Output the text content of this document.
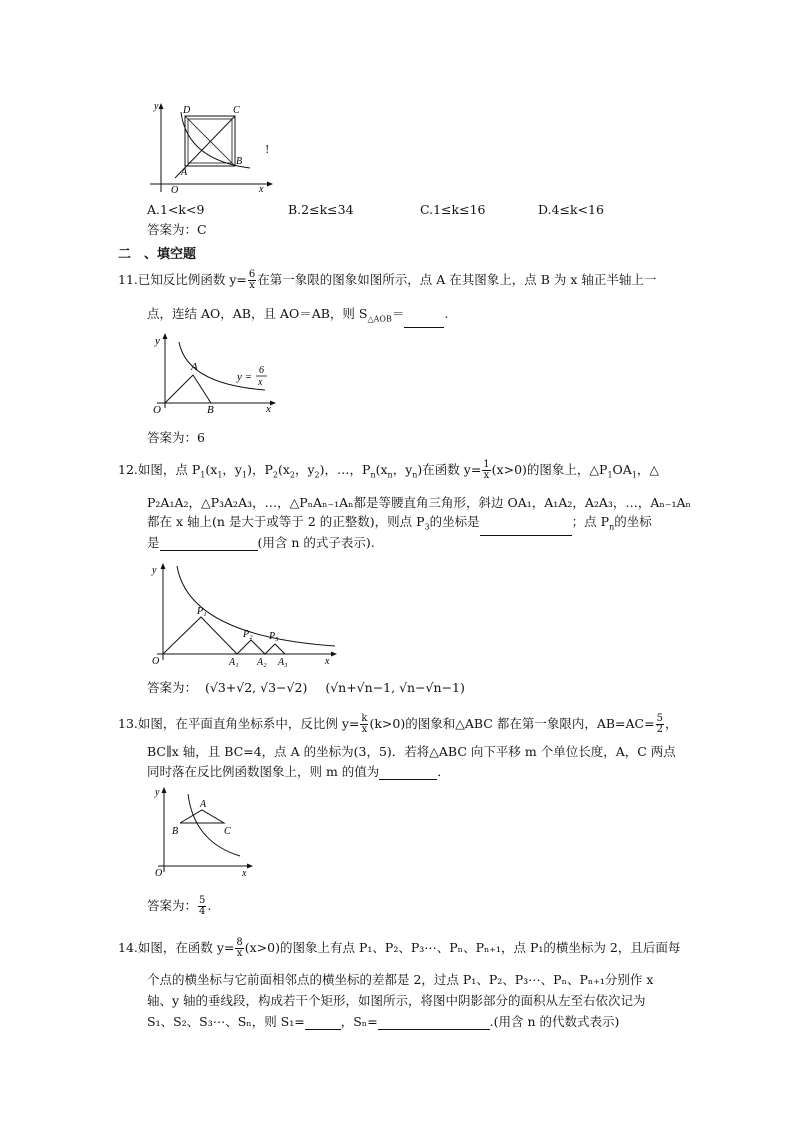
y D	C
A
B
O	x
!
A.1<k<9	B.2≤k≤34	C.1≤k≤16	D.4≤k<16
答案为：C
二　、填空题
11.已知反比例函数 $y= \frac{6}{x}$ 在第一象限的图象如图所示，点 A 在其图象上，点 B 为 x 轴正半轴上一
点，连结 AO，AB，且 AO＝AB，则 $S_{\triangle AOB}=$	.
y
A
O	B	x
y =
6
x
答案为：6
12.如图，点 $P_1(x_1$，$y_1$)，$P_2(x_2$，$y_2$)，…，$P_n(x_n$，$y_n$)在函数 $y= \frac{1}{x} (x>0)$的图象上，$\triangle P_1OA_1$，△
P₂A₁A₂，△P₃A₂A₃，…，△PₙAₙ₋₁Aₙ都是等腰直角三角形，斜边 OA₁，A₁A₂，A₂A₃，…，Aₙ₋₁Aₙ
都在 x 轴上(n 是大于或等于 2 的正整数)，则点 $P_3$的坐标是	；点 $P_n$的坐标
是	(用含 n 的式子表示).
y
P₁
P₂ P₃
O	A₁ A₂ A₃	x
答案为： (√3+√2, √3−√2) (√n+√n−1, √n−√n−1)
13.如图，在平面直角坐标系中，反比例 $y= \frac{k}{x} (k>0)$的图象和△ABC 都在第一象限内，$AB=AC= \frac{5}{2}$ ，
BC∥x 轴，且 BC=4，点 A 的坐标为(3，5)．若将△ABC 向下平移 m 个单位长度，A，C 两点
同时落在反比例函数图象上，则 m 的值为	．
y
A
B	C
O	x
答案为： $\frac{5}{4}$ .
14.如图，在函数 $y= \frac{8}{x} (x>0)$的图象上有点 P₁、P₂、P₃⋯、Pₙ、Pₙ₊₁，点 P₁的横坐标为 2，且后面每
个点的横坐标与它前面相邻点的横坐标的差都是 2，过点 P₁、P₂、P₃⋯、Pₙ、Pₙ₊₁分别作 x
轴、y 轴的垂线段，构成若干个矩形，如图所示，将图中阴影部分的面积从左至右依次记为
S₁、S₂、S₃⋯、Sₙ，则 S₁=	，Sₙ=	.(用含 n 的代数式表示)
